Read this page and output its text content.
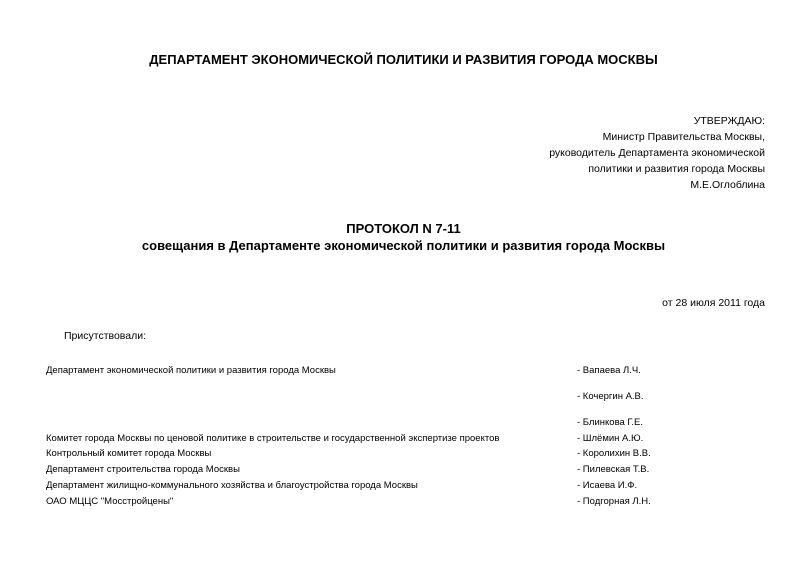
ДЕПАРТАМЕНТ ЭКОНОМИЧЕСКОЙ ПОЛИТИКИ И РАЗВИТИЯ ГОРОДА МОСКВЫ
УТВЕРЖДАЮ:
Министр Правительства Москвы,
руководитель Департамента экономической
политики и развития города Москвы
М.Е.Оглоблина
ПРОТОКОЛ N 7-11
совещания в Департаменте экономической политики и развития города Москвы
от 28 июля 2011 года
Присутствовали:
Департамент экономической политики и развития города Москвы	- Вапаева Л.Ч.
- Кочергин А.В.
- Блинкова Г.Е.
Комитет города Москвы по ценовой политике в строительстве и государственной экспертизе проектов	- Шлёмин А.Ю.
Контрольный комитет города Москвы	- Королихин В.В.
Департамент строительства города Москвы	- Пилевская Т.В.
Департамент жилищно-коммунального хозяйства и благоустройства города Москвы	- Исаева И.Ф.
ОАО МЦЦС "Мосстройцены"	- Подгорная Л.Н.
